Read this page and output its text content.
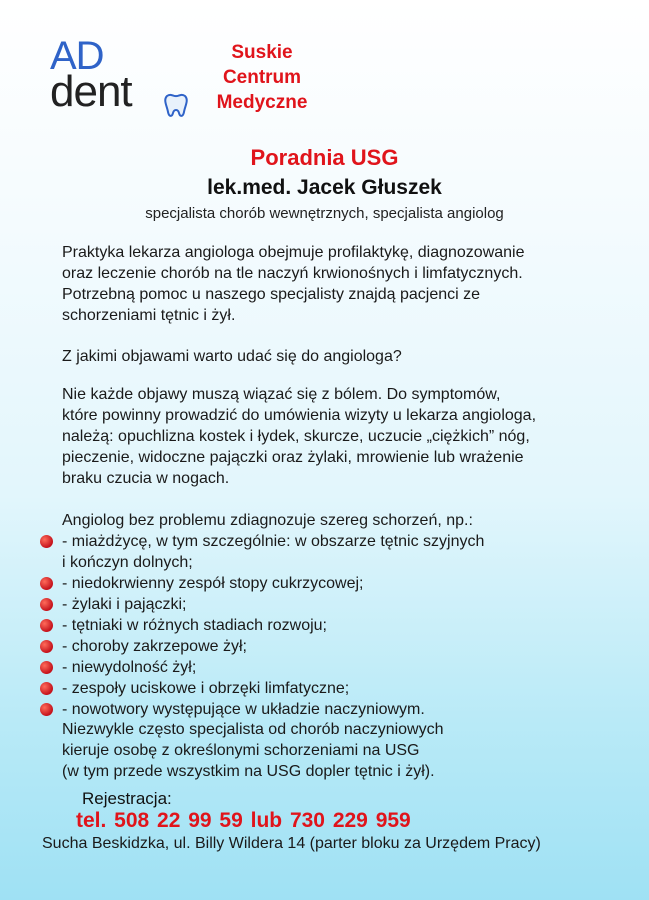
AD
dent
Suskie Centrum
Medyczne
Poradnia USG
lek.med. Jacek Głuszek
specjalista chorób wewnętrznych, specjalista angiolog

Praktyka lekarza angiologa obejmuje profilaktykę, diagnozowanie
oraz leczenie chorób na tle naczyń krwionośnych i limfatycznych.
Potrzebną pomoc u naszego specjalisty znajdą pacjenci ze
schorzeniami tętnic i żył.

Z jakimi objawami warto udać się do angiologa?

Nie każde objawy muszą wiązać się z bólem. Do symptomów,
które powinny prowadzić do umówienia wizyty u lekarza angiologa,
należą: opuchlizna kostek i łydek, skurcze, uczucie „ciężkich” nóg,
pieczenie, widoczne pajączki oraz żylaki, mrowienie lub wrażenie
braku czucia w nogach.

Angiolog bez problemu zdiagnozuje szereg schorzeń, np.:

- miażdżycę, w tym szczególnie: w obszarze tętnic szyjnych
i kończyn dolnych;
- niedokrwienny zespół stopy cukrzycowej;
- żylaki i pajączki;
- tętniaki w różnych stadiach rozwoju;
- choroby zakrzepowe żył;
- niewydolność żył;
- zespoły uciskowe i obrzęki limfatyczne;
- nowotwory występujące w układzie naczyniowym.

Niezwykle często specjalista od chorób naczyniowych
kieruje osobę z określonymi schorzeniami na USG
(w tym przede wszystkim na USG dopler tętnic i żył).

Rejestracja:
tel. 508 22 99 59 lub 730 229 959
Sucha Beskidzka, ul. Billy Wildera 14 (parter bloku za Urzędem Pracy)
